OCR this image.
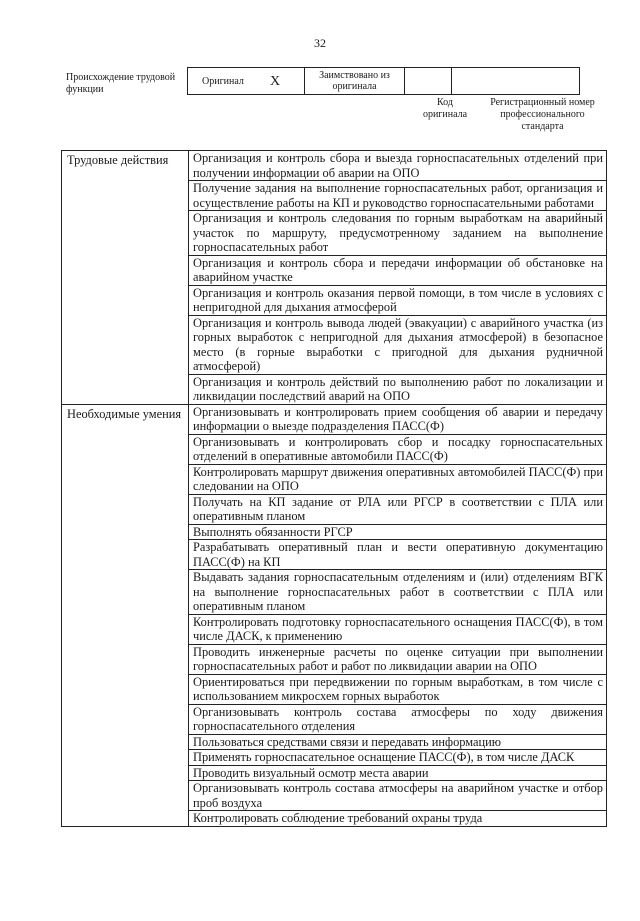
32
Происхождение трудовой функции
Оригинал	X	Заимствовано из оригинала		
Код оригинала
Регистрационный номер профессионального стандарта
Трудовые действия	Организация и контроль сбора и выезда горноспасательных отделений при получении информации об аварии на ОПО
	Получение задания на выполнение горноспасательных работ, организация и осуществление работы на КП и руководство горноспасательными работами
	Организация и контроль следования по горным выработкам на аварийный участок по маршруту, предусмотренному заданием на выполнение горноспасательных работ
	Организация и контроль сбора и передачи информации об обстановке на аварийном участке
	Организация и контроль оказания первой помощи, в том числе в условиях с непригодной для дыхания атмосферой
	Организация и контроль вывода людей (эвакуации) с аварийного участка (из горных выработок с непригодной для дыхания атмосферой) в безопасное место (в горные выработки с пригодной для дыхания рудничной атмосферой)
	Организация и контроль действий по выполнению работ по локализации и ликвидации последствий аварий на ОПО
Необходимые умения	Организовывать и контролировать прием сообщения об аварии и передачу информации о выезде подразделения ПАСС(Ф)
	Организовывать и контролировать сбор и посадку горноспасательных отделений в оперативные автомобили ПАСС(Ф)
	Контролировать маршрут движения оперативных автомобилей ПАСС(Ф) при следовании на ОПО
	Получать на КП задание от РЛА или РГСР в соответствии с ПЛА или оперативным планом
	Выполнять обязанности РГСР
	Разрабатывать оперативный план и вести оперативную документацию ПАСС(Ф) на КП
	Выдавать задания горноспасательным отделениям и (или) отделениям ВГК на выполнение горноспасательных работ в соответствии с ПЛА или оперативным планом
	Контролировать подготовку горноспасательного оснащения ПАСС(Ф), в том числе ДАСК, к применению
	Проводить инженерные расчеты по оценке ситуации при выполнении горноспасательных работ и работ по ликвидации аварии на ОПО
	Ориентироваться при передвижении по горным выработкам, в том числе с использованием микросхем горных выработок
	Организовывать контроль состава атмосферы по ходу движения горноспасательного отделения
	Пользоваться средствами связи и передавать информацию
	Применять горноспасательное оснащение ПАСС(Ф), в том числе ДАСК
	Проводить визуальный осмотр места аварии
	Организовывать контроль состава атмосферы на аварийном участке и отбор проб воздуха
	Контролировать соблюдение требований охраны труда
